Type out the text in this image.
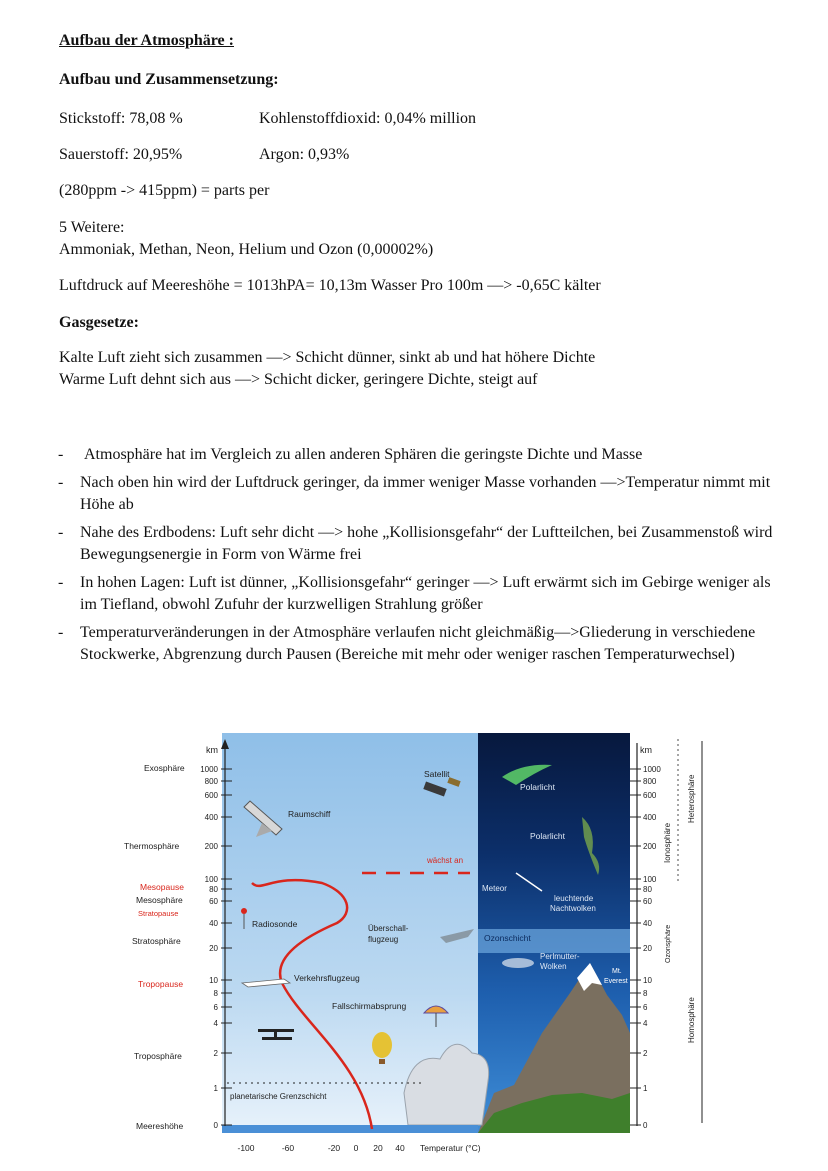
Aufbau der Atmosphäre :
Aufbau und Zusammensetzung:
Stickstoff: 78,08 %	Kohlenstoffdioxid: 0,04% million
Sauerstoff: 20,95%	Argon: 0,93%
(280ppm -> 415ppm) = parts per
5 Weitere:
Ammoniak, Methan, Neon, Helium und Ozon (0,00002%)
Luftdruck auf Meereshöhe = 1013hPA= 10,13m Wasser Pro 100m —> -0,65C kälter
Gasgesetze:
Kalte Luft zieht sich zusammen —> Schicht dünner, sinkt ab und hat höhere Dichte
Warme Luft dehnt sich aus —> Schicht dicker, geringere Dichte, steigt auf
-	Atmosphäre hat im Vergleich zu allen anderen Sphären die geringste Dichte und Masse
-	Nach oben hin wird der Luftdruck geringer, da immer weniger Masse vorhanden —>Temperatur nimmt mit Höhe ab
-	Nahe des Erdbodens: Luft sehr dicht —> hohe „Kollisionsgefahr“ der Luftteilchen, bei Zusammenstoß wird Bewegungsenergie in Form von Wärme frei
-	In hohen Lagen: Luft ist dünner, „Kollisionsgefahr“ geringer —> Luft erwärmt sich im Gebirge weniger als im Tiefland, obwohl Zufuhr der kurzwelligen Strahlung größer
-	Temperaturveränderungen in der Atmosphäre verlaufen nicht gleichmäßig—>Gliederung in verschiedene Stockwerke, Abgrenzung durch Pausen (Bereiche mit mehr oder weniger raschen Temperaturwechsel)
km
1000
800
600
400
200
100
80
60
40
20
10
8
6
4
2
1
0
km
1000
800
600
400
200
100
80
60
40
20
10
8
6
4
2
1
0
Exosphäre
Thermosphäre
Mesopause
Mesosphäre
Stratopause
Stratosphäre
Tropopause
Troposphäre
Meereshöhe
wächst an
planetarische Grenzschicht
Raumschiff
Satellit
Polarlicht
Polarlicht
Meteor
leuchtende
Nachtwolken
Radiosonde	Überschall-
flugzeug	Ozonschicht
Perlmutter-
Wolken
Verkehrsflugzeug
Fallschirmabsprung
Mt.
Everest
Heterosphäre
Ionosphäre
Ozonsphäre
Homosphäre
-100	-60	-20 0 20 40 Temperatur (°C)
